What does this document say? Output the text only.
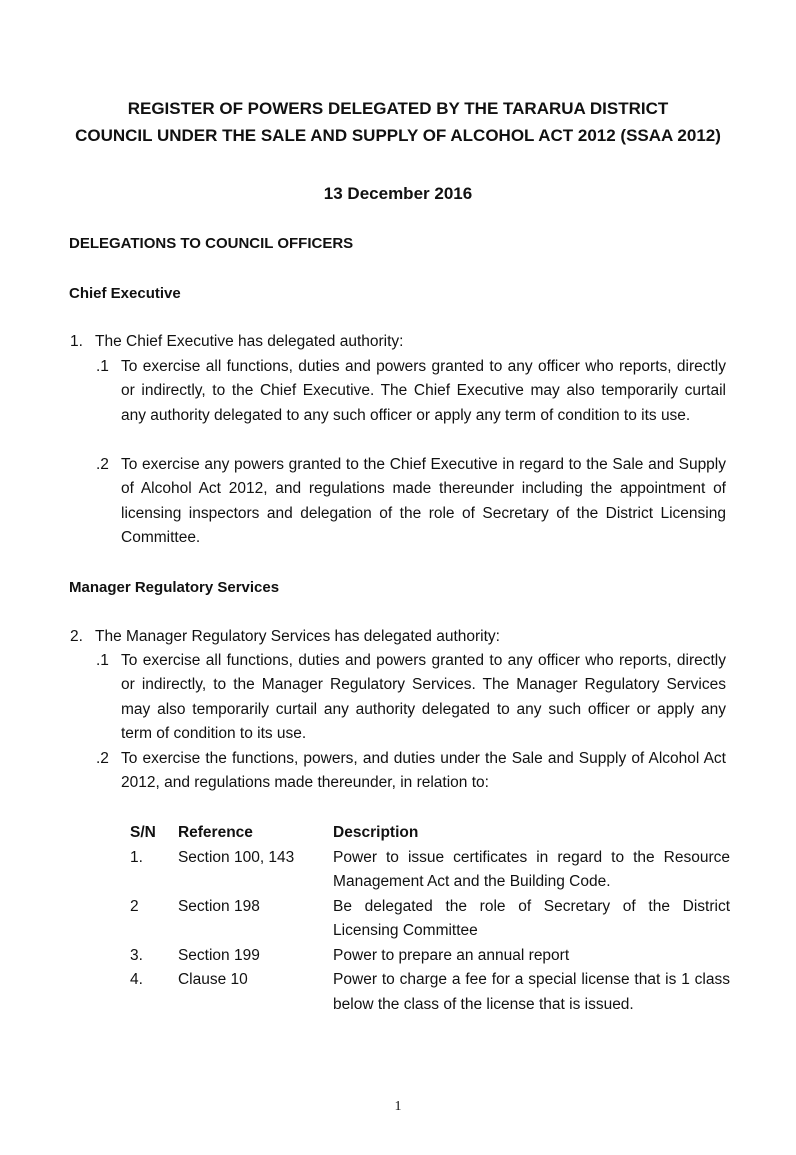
REGISTER OF POWERS DELEGATED BY THE TARARUA DISTRICT
COUNCIL UNDER THE SALE AND SUPPLY OF ALCOHOL ACT 2012 (SSAA 2012)
13 December 2016
DELEGATIONS TO COUNCIL OFFICERS
Chief Executive
1. The Chief Executive has delegated authority:
.1 To exercise all functions, duties and powers granted to any officer who reports, directly or indirectly, to the Chief Executive. The Chief Executive may also temporarily curtail any authority delegated to any such officer or apply any term of condition to its use.
.2 To exercise any powers granted to the Chief Executive in regard to the Sale and Supply of Alcohol Act 2012, and regulations made thereunder including the appointment of licensing inspectors and delegation of the role of Secretary of the District Licensing Committee.
Manager Regulatory Services
2. The Manager Regulatory Services has delegated authority:
.1 To exercise all functions, duties and powers granted to any officer who reports, directly or indirectly, to the Manager Regulatory Services. The Manager Regulatory Services may also temporarily curtail any authority delegated to any such officer or apply any term of condition to its use.
.2 To exercise the functions, powers, and duties under the Sale and Supply of Alcohol Act 2012, and regulations made thereunder, in relation to:
S/N	Reference	Description
1.	Section 100, 143	Power to issue certificates in regard to the Resource Management Act and the Building Code.
2	Section 198	Be delegated the role of Secretary of the District Licensing Committee
3.	Section 199	Power to prepare an annual report
4.	Clause 10	Power to charge a fee for a special license that is 1 class below the class of the license that is issued.
1
